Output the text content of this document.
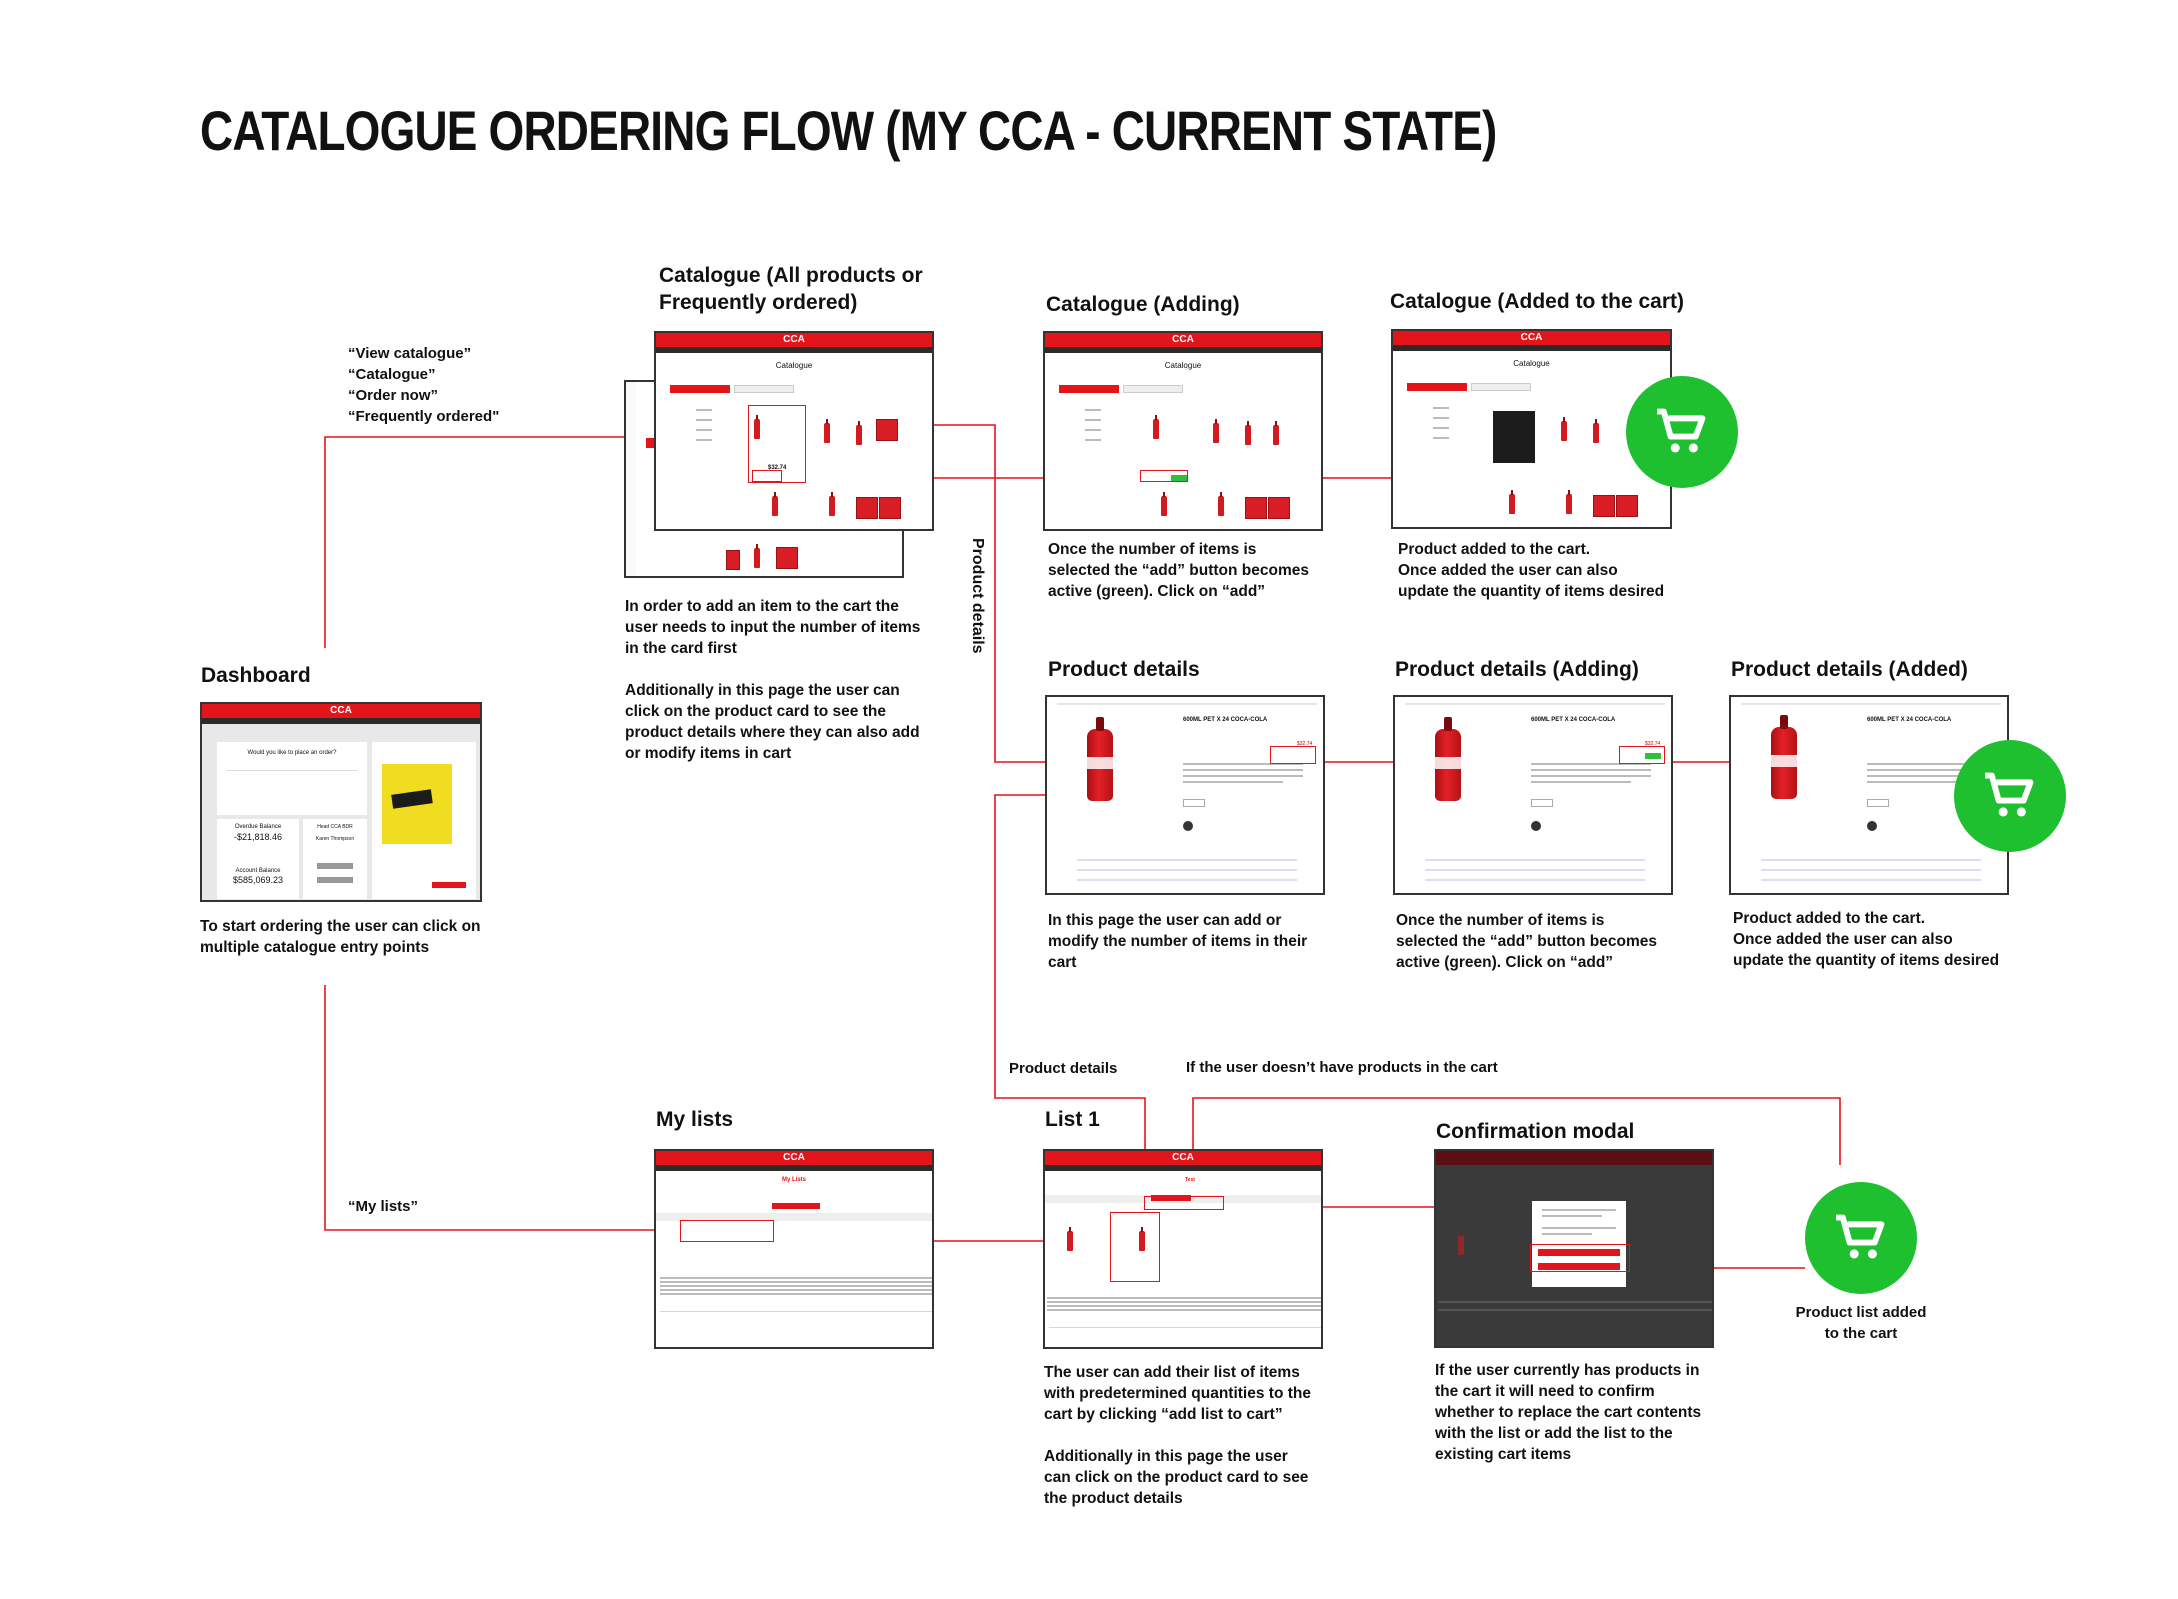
CATALOGUE ORDERING FLOW (MY CCA - CURRENT STATE)
“View catalogue”
“Catalogue”
“Order now”
“Frequently ordered"
“My lists”
Product details
Dashboard
CCA
Would you like to place an order?
Overdue Balance
-$21,818.46
Account Balance
$585,069.23
Head CCA BDR
Karen Thompson
To start ordering the user can click on
multiple catalogue entry points
Catalogue (All products or
Frequently ordered)
CCA
Catalogue
$32.74
In order to add an item to the cart the
user needs to input the number of items
in the card first

Additionally in this page the user can
click on the product card to see the
product details where they can also add
or modify items in cart
Catalogue (Adding)
CCA
Catalogue
Once the number of items is
selected the “add” button becomes
active (green). Click on “add”
Catalogue (Added to the cart)
CCA
Catalogue
Product added to the cart.
Once added the user can also
update the quantity of items desired
Product details
600ML PET X 24 COCA-COLA
$32.74
In this page the user can add or
modify the number of items in their
cart
Product details (Adding)
600ML PET X 24 COCA-COLA
$32.74
Once the number of items is
selected the “add” button becomes
active (green). Click on “add”
Product details (Added)
600ML PET X 24 COCA-COLA
Product added to the cart.
Once added the user can also
update the quantity of items desired
My lists
CCA
My Lists
List 1
CCA
Test
Product details	If the user doesn’t have products in the cart
The user can add their list of items
with predetermined quantities to the
cart by clicking “add list to cart”

Additionally in this page the user
can click on the product card to see
the product details
Confirmation modal
If the user currently has products in
the cart it will need to confirm
whether to replace the cart contents
with the list or add the list to the
existing cart items
Product list added
to the cart
